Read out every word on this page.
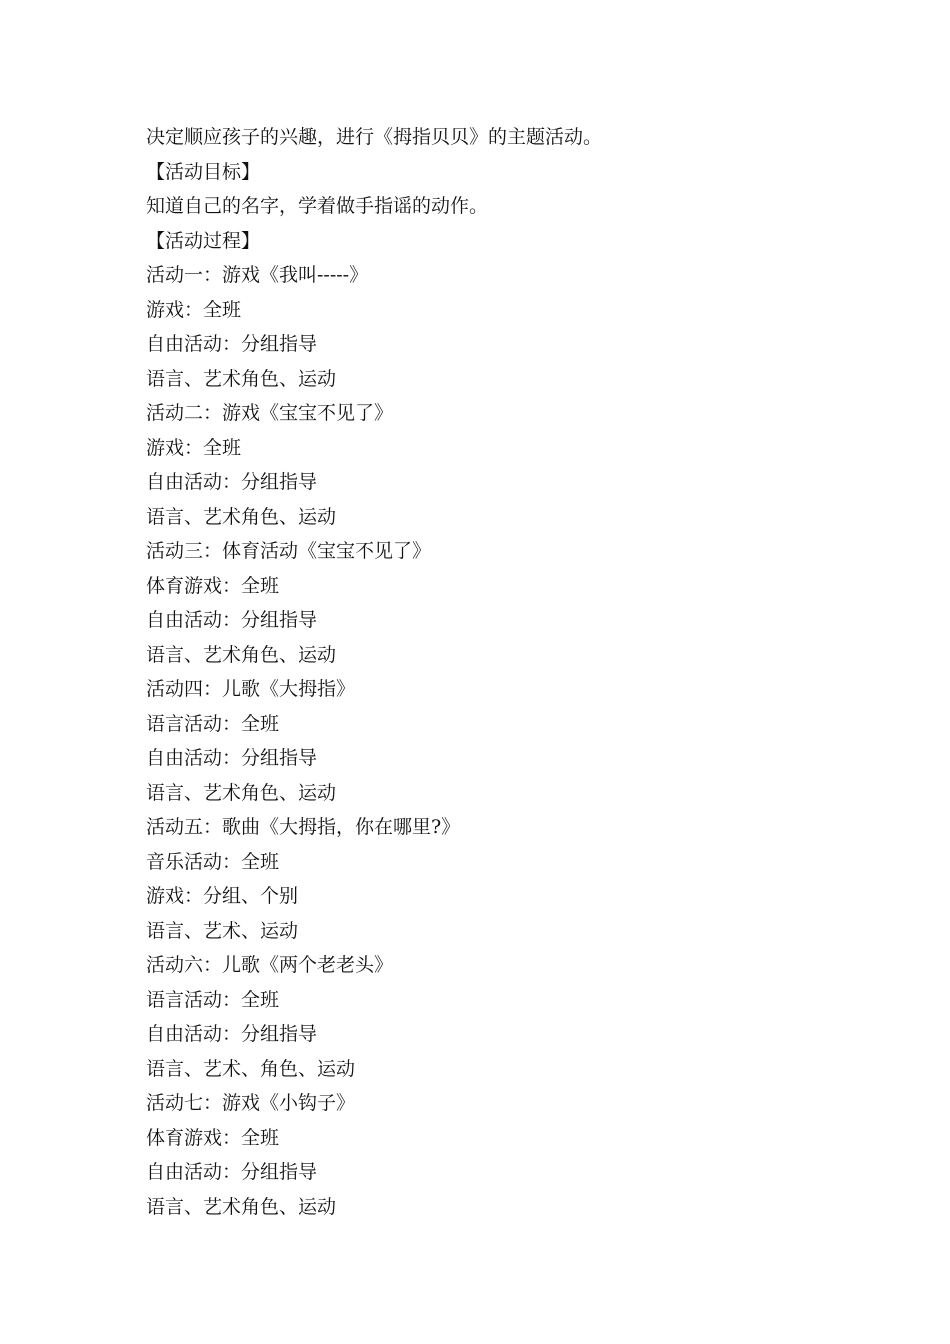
决定顺应孩子的兴趣，进行《拇指贝贝》的主题活动。
【活动目标】
知道自己的名字，学着做手指谣的动作。
【活动过程】
活动一：游戏《我叫-----》
游戏：全班
自由活动：分组指导
语言、艺术角色、运动
活动二：游戏《宝宝不见了》
游戏：全班
自由活动：分组指导
语言、艺术角色、运动
活动三：体育活动《宝宝不见了》
体育游戏：全班
自由活动：分组指导
语言、艺术角色、运动
活动四：儿歌《大拇指》
语言活动：全班
自由活动：分组指导
语言、艺术角色、运动
活动五：歌曲《大拇指，你在哪里?》
音乐活动：全班
游戏：分组、个别
语言、艺术、运动
活动六：儿歌《两个老老头》
语言活动：全班
自由活动：分组指导
语言、艺术、角色、运动
活动七：游戏《小钩子》
体育游戏：全班
自由活动：分组指导
语言、艺术角色、运动
